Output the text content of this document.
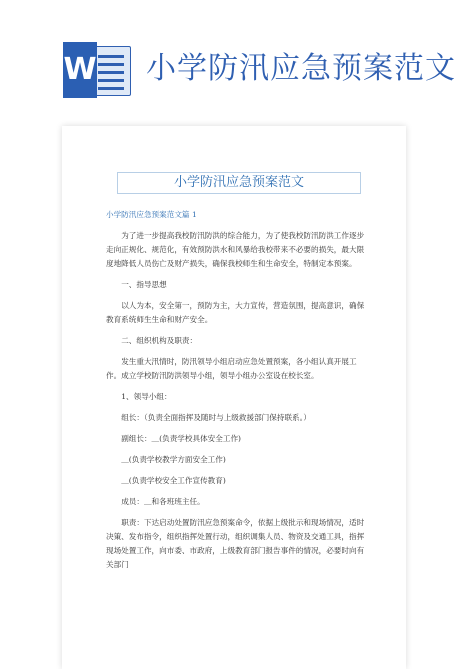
W 小学防汛应急预案范文
小学防汛应急预案范文
小学防汛应急预案范文篇 1
为了进一步提高我校防汛防洪的综合能力，为了使我校防汛防洪工作逐步走向正规化、规范化，有效预防洪水和风暴给我校带来不必要的损失，最大限度地降低人员伤亡及财产损失，确保我校师生和生命安全，特制定本预案。
一、指导思想
以人为本，安全第一，预防为主，大力宣传，营造氛围，提高意识，确保教育系统师生生命和财产安全。
二、组织机构及职责：
发生重大汛情时，防汛领导小组启动应急处置预案，各小组认真开展工作。成立学校防汛防洪领导小组，领导小组办公室设在校长室。
1、领导小组：
组长：（负责全面指挥及随时与上级救援部门保持联系。）
副组长：＿(负责学校具体安全工作)
＿(负责学校教学方面安全工作)
＿(负责学校安全工作宣传教育)
成员：＿和各班班主任。
职责：下达启动处置防汛应急预案命令，依据上级批示和现场情况，适时决策、发布指令，组织指挥处置行动，组织调集人员、物资及交通工具，指挥现场处置工作，向市委、市政府，上级教育部门报告事件的情况，必要时向有关部门
